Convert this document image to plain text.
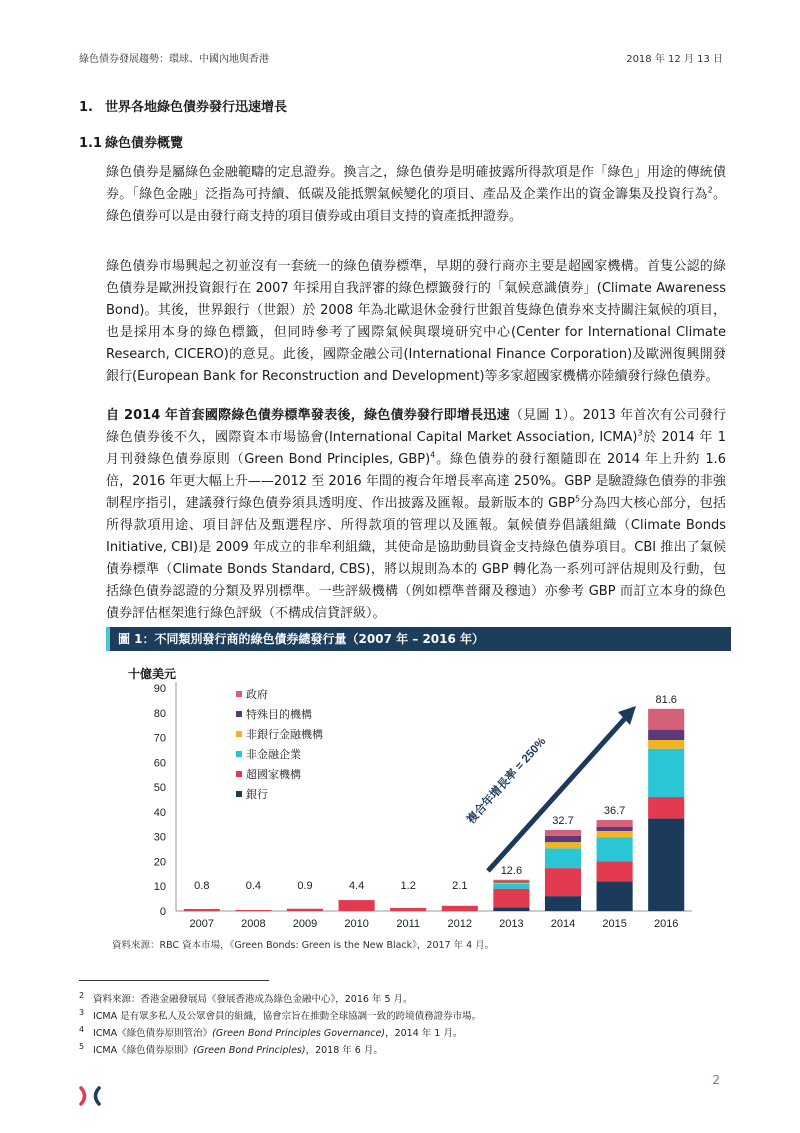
綠色債券發展趨勢：環球、中國內地與香港	2018 年 12 月 13 日
1. 世界各地綠色債券發行迅速增長
1.1 綠色債券概覽
綠色債券是屬綠色金融範疇的定息證券。換言之，綠色債券是明確披露所得款項是作「綠色」用途的傳統債券。「綠色金融」泛指為可持續、低碳及能抵禦氣候變化的項目、產品及企業作出的資金籌集及投資行為$^2$。綠色債券可以是由發行商支持的項目債券或由項目支持的資產抵押證券。
綠色債券市場興起之初並沒有一套統一的綠色債券標準，早期的發行商亦主要是超國家機構。首隻公認的綠色債券是歐洲投資銀行在 2007 年採用自我評審的綠色標籤發行的「氣候意識債券」(Climate Awareness Bond)。其後，世界銀行（世銀）於 2008 年為北歐退休金發行世銀首隻綠色債券來支持關注氣候的項目，也是採用本身的綠色標籤，但同時參考了國際氣候與環境研究中心(Center for International Climate Research, CICERO)的意見。此後，國際金融公司(International Finance Corporation)及歐洲復興開發銀行(European Bank for Reconstruction and Development)等多家超國家機構亦陸續發行綠色債券。
自 2014 年首套國際綠色債券標準發表後，綠色債券發行即增長迅速（見圖 1）。2013 年首次有公司發行綠色債券後不久，國際資本市場協會(International Capital Market Association, ICMA)$^3$於 2014 年 1 月刊發綠色債券原則（Green Bond Principles, GBP)$^4$。綠色債券的發行額隨即在 2014 年上升約 1.6 倍，2016 年更大幅上升——2012 至 2016 年間的複合年增長率高達 250%。GBP 是驗證綠色債券的非強制程序指引，建議發行綠色債券須具透明度、作出披露及匯報。最新版本的 GBP$^5$分為四大核心部分，包括所得款項用途、項目評估及甄選程序、所得款項的管理以及匯報。氣候債券倡議組織（Climate Bonds Initiative, CBI)是 2009 年成立的非牟利組織，其使命是協助動員資金支持綠色債券項目。CBI 推出了氣候債券標準（Climate Bonds Standard, CBS)，將以規則為本的 GBP 轉化為一系列可評估規則及行動，包括綠色債券認證的分類及界別標準。一些評級機構（例如標準普爾及穆迪）亦參考 GBP 而訂立本身的綠色債券評估框架進行綠色評級（不構成信貸評級）。
圖 1：不同類別發行商的綠色債券總發行量（2007 年 – 2016 年）
十億美元
0
10
20
30
40
50
60
70
80
90
2007
0.8
2008
0.4
2009
0.9
2010
4.4
2011
1.2
2012
2.1
2013
12.6
2014
32.7
2015
36.7
2016
81.6
政府
特殊目的機構
非銀行金融機構
非金融企業
超國家機構
銀行	複合年增長率 = 250%
資料來源：RBC 資本市場，《Green Bonds: Green is the New Black》，2017 年 4 月。
2 資料來源：香港金融發展局《發展香港成為綠色金融中心》，2016 年 5 月。
3 ICMA 是有眾多私人及公眾會員的組織，協會宗旨在推動全球協調一致的跨境債務證券市場。
4 ICMA《綠色債券原則管治》(Green Bond Principles Governance)，2014 年 1 月。
5 ICMA《綠色債券原則》(Green Bond Principles)，2018 年 6 月。
2
